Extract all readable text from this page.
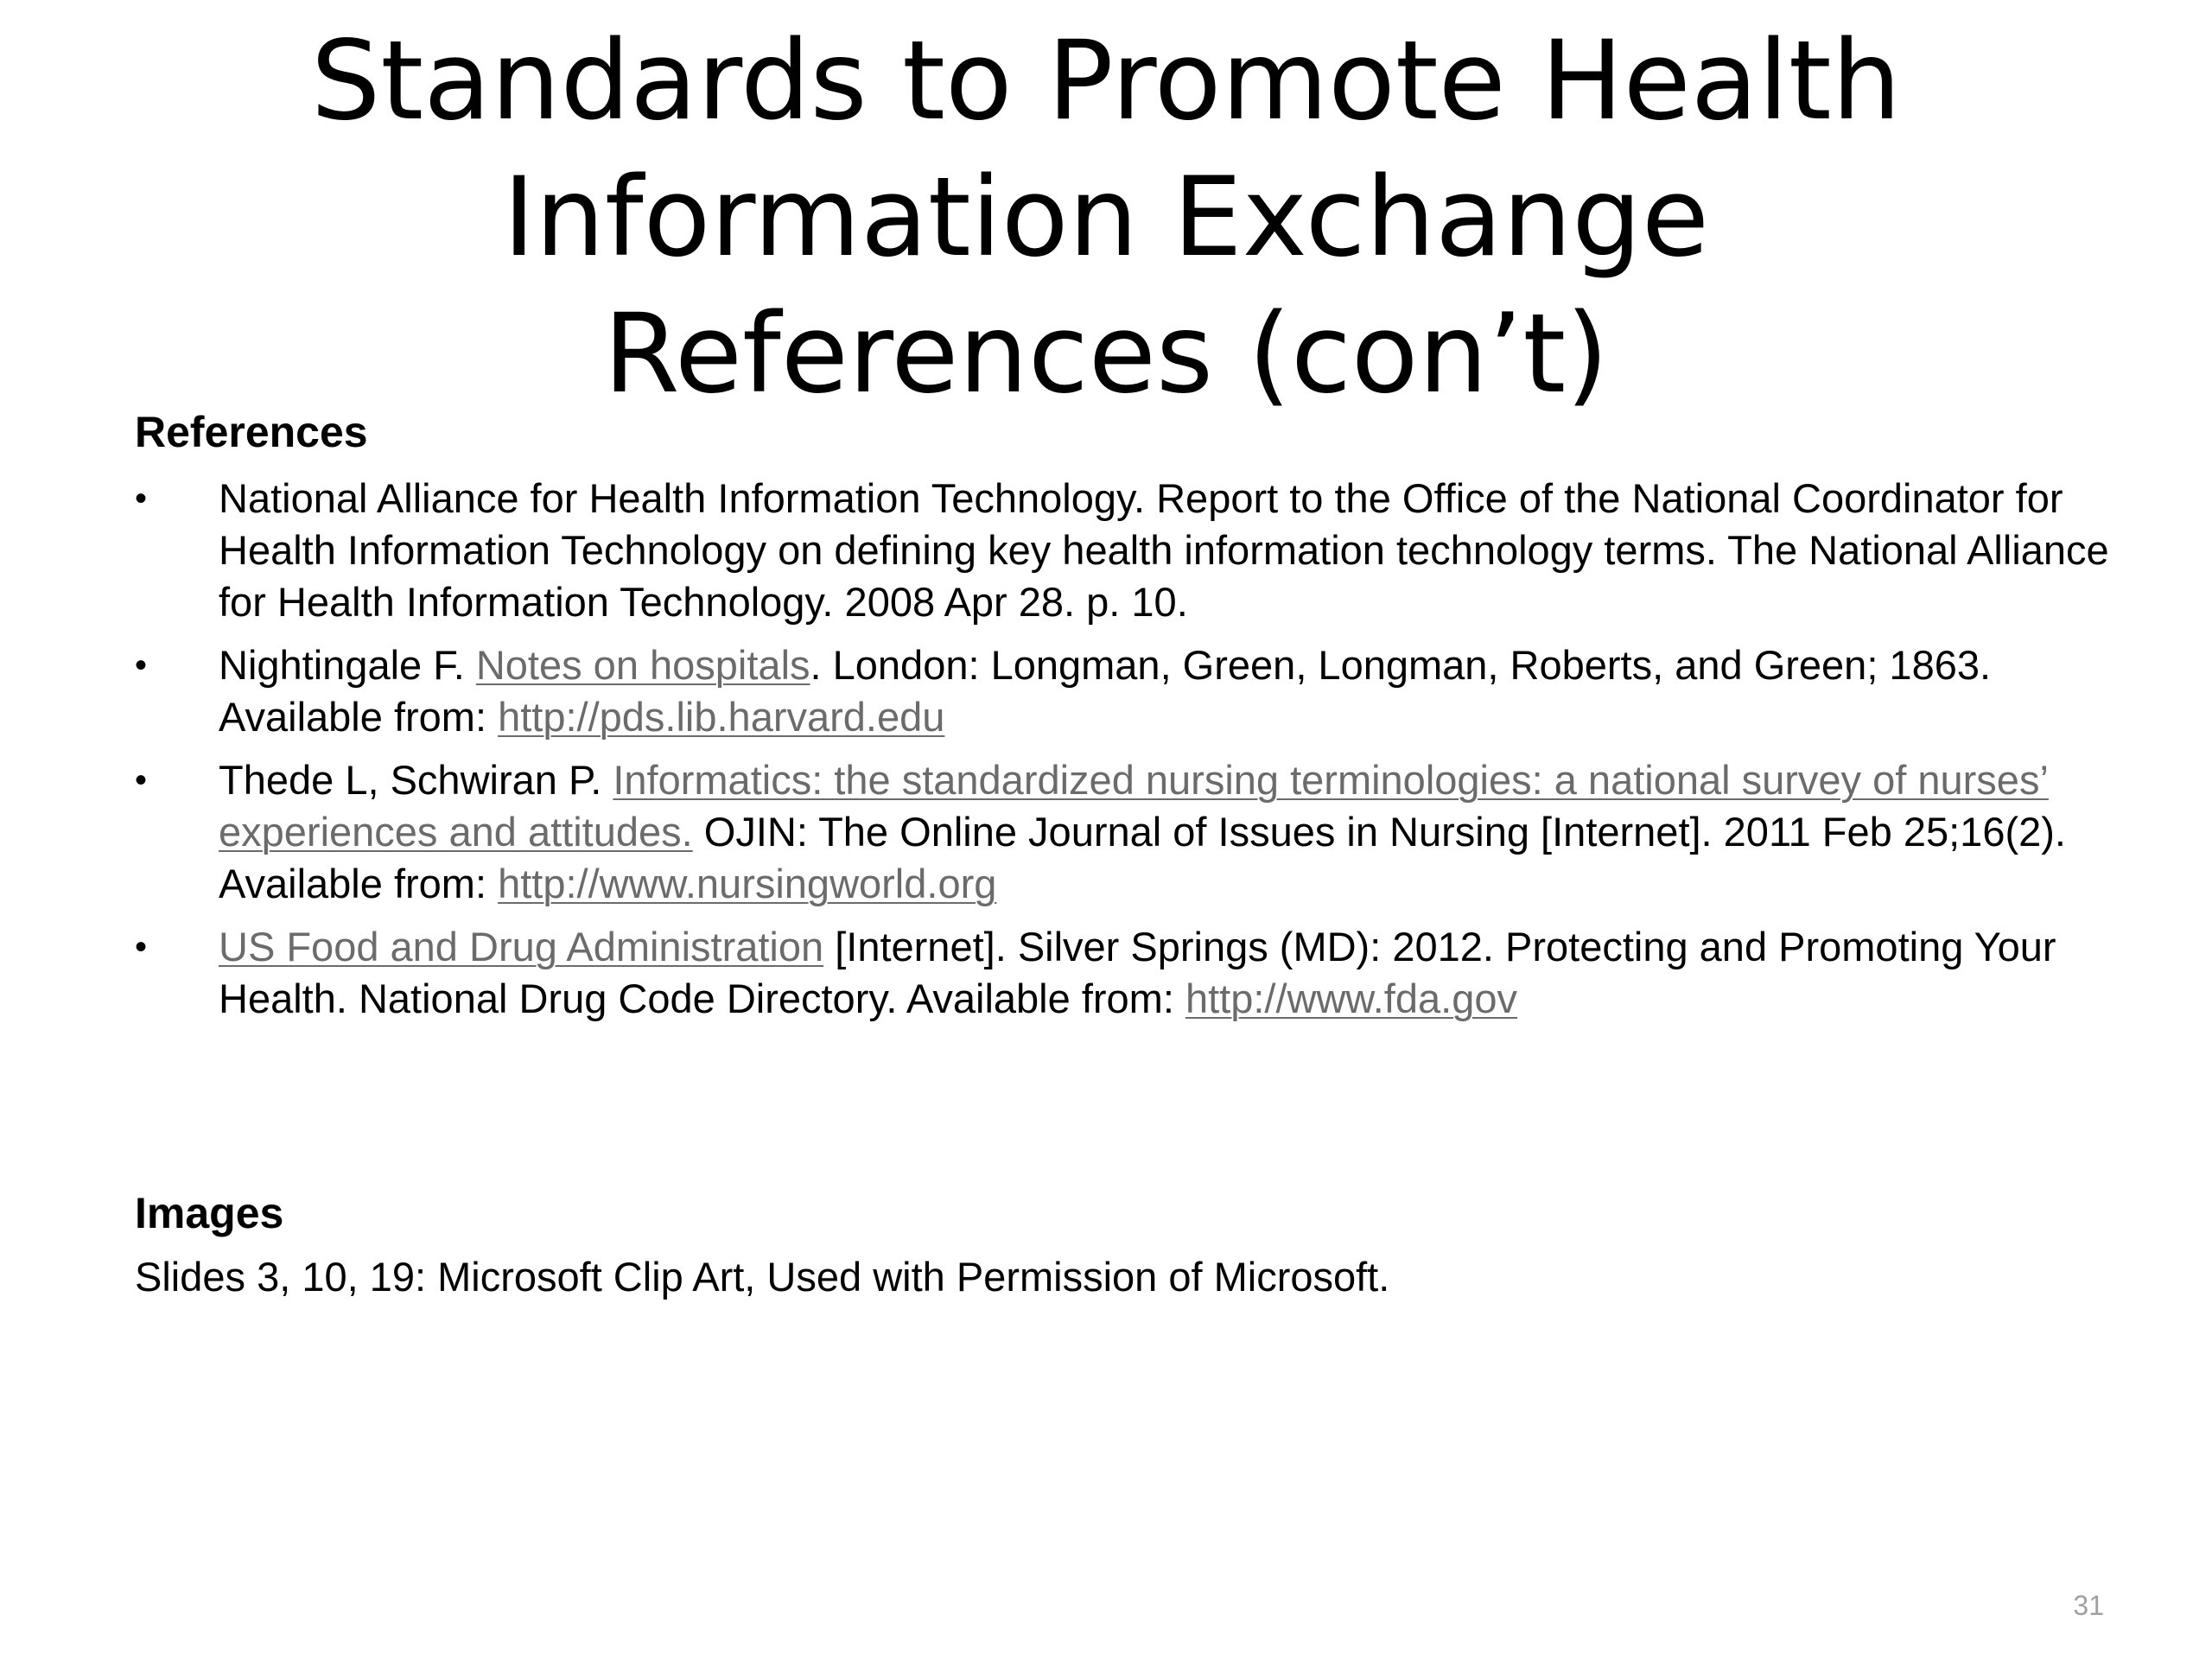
Standards to Promote Health
Information Exchange
References (con’t)
References
• National Alliance for Health Information Technology. Report to the Office of the National Coordinator for Health Information Technology on defining key health information technology terms. The National Alliance for Health Information Technology. 2008 Apr 28. p. 10.
• Nightingale F. Notes on hospitals. London: Longman, Green, Longman, Roberts, and Green; 1863. Available from: http://pds.lib.harvard.edu
• Thede L, Schwiran P. Informatics: the standardized nursing terminologies: a national survey of nurses’ experiences and attitudes. OJIN: The Online Journal of Issues in Nursing [Internet]. 2011 Feb 25;16(2). Available from: http://www.nursingworld.org
• US Food and Drug Administration [Internet]. Silver Springs (MD): 2012. Protecting and Promoting Your Health. National Drug Code Directory. Available from: http://www.fda.gov
Images

Slides 3, 10, 19: Microsoft Clip Art, Used with Permission of Microsoft.

31
